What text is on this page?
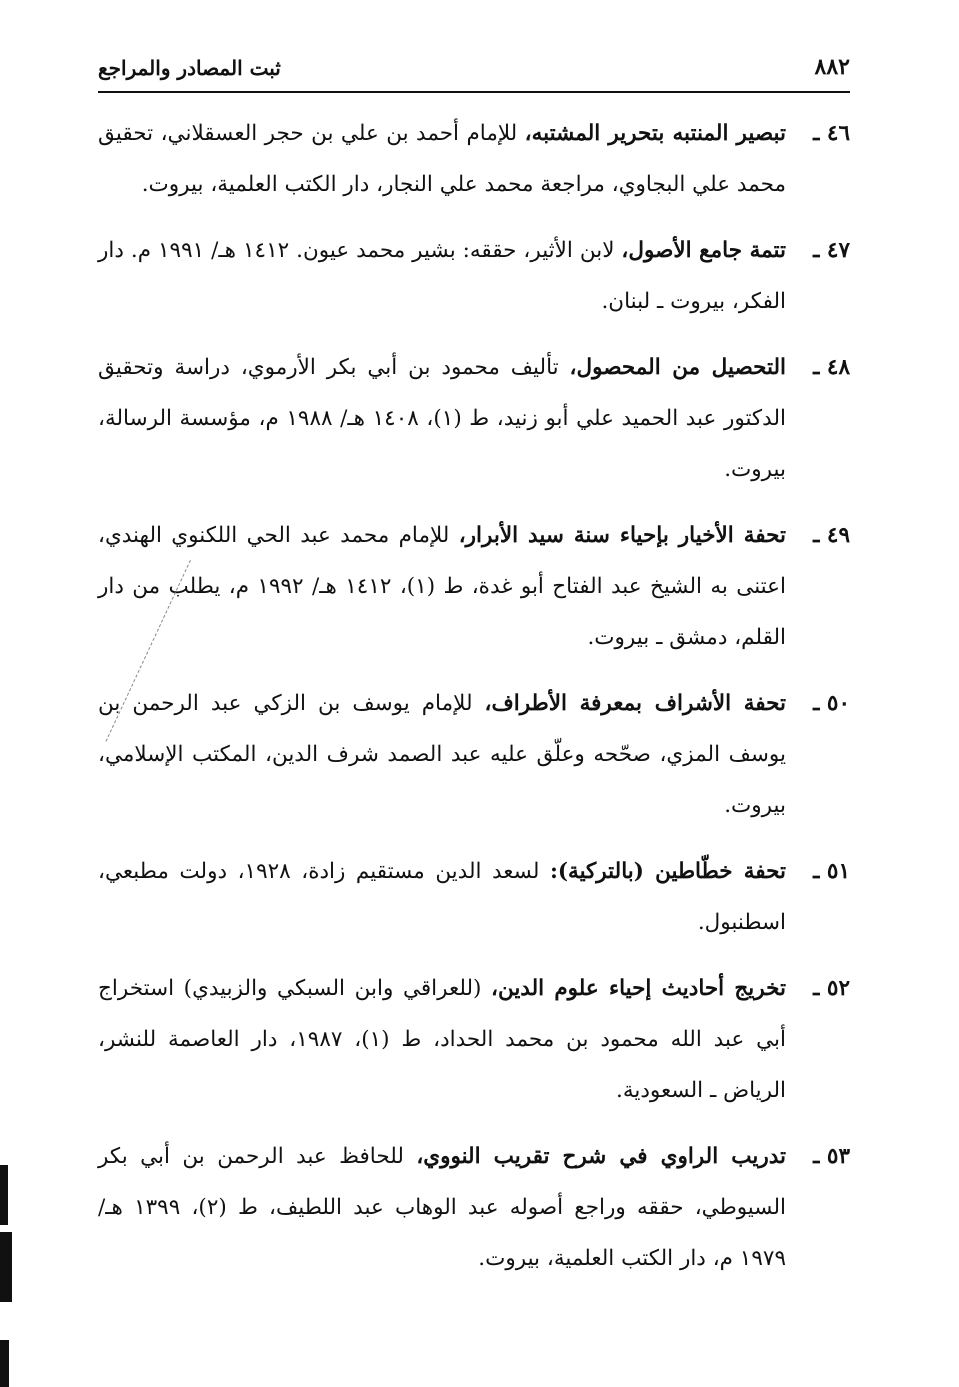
٨٨٢
ثبت المصادر والمراجع
٤٦ ـ
تبصير المنتبه بتحرير المشتبه، للإمام أحمد بن علي بن حجر العسقلاني، تحقيق محمد علي البجاوي، مراجعة محمد علي النجار، دار الكتب العلمية، بيروت.
٤٧ ـ
تتمة جامع الأصول، لابن الأثير، حققه: بشير محمد عيون. ١٤١٢ هـ/ ١٩٩١ م. دار الفكر، بيروت ـ لبنان.
٤٨ ـ
التحصيل من المحصول، تأليف محمود بن أبي بكر الأرموي، دراسة وتحقيق الدكتور عبد الحميد علي أبو زنيد، ط (١)، ١٤٠٨ هـ/ ١٩٨٨ م، مؤسسة الرسالة، بيروت.
٤٩ ـ
تحفة الأخيار بإحياء سنة سيد الأبرار، للإمام محمد عبد الحي اللكنوي الهندي، اعتنى به الشيخ عبد الفتاح أبو غدة، ط (١)، ١٤١٢ هـ/ ١٩٩٢ م، يطلب من دار القلم، دمشق ـ بيروت.
٥٠ ـ
تحفة الأشراف بمعرفة الأطراف، للإمام يوسف بن الزكي عبد الرحمن بن يوسف المزي، صحّحه وعلّق عليه عبد الصمد شرف الدين، المكتب الإسلامي، بيروت.
٥١ ـ
تحفة خطّاطين (بالتركية): لسعد الدين مستقيم زادة، ١٩٢٨، دولت مطبعي، اسطنبول.
٥٢ ـ
تخريج أحاديث إحياء علوم الدين، (للعراقي وابن السبكي والزبيدي) استخراج أبي عبد الله محمود بن محمد الحداد، ط (١)، ١٩٨٧، دار العاصمة للنشر، الرياض ـ السعودية.
٥٣ ـ
تدريب الراوي في شرح تقريب النووي، للحافظ عبد الرحمن بن أبي بكر السيوطي، حققه وراجع أصوله عبد الوهاب عبد اللطيف، ط (٢)، ١٣٩٩ هـ/ ١٩٧٩ م، دار الكتب العلمية، بيروت.
